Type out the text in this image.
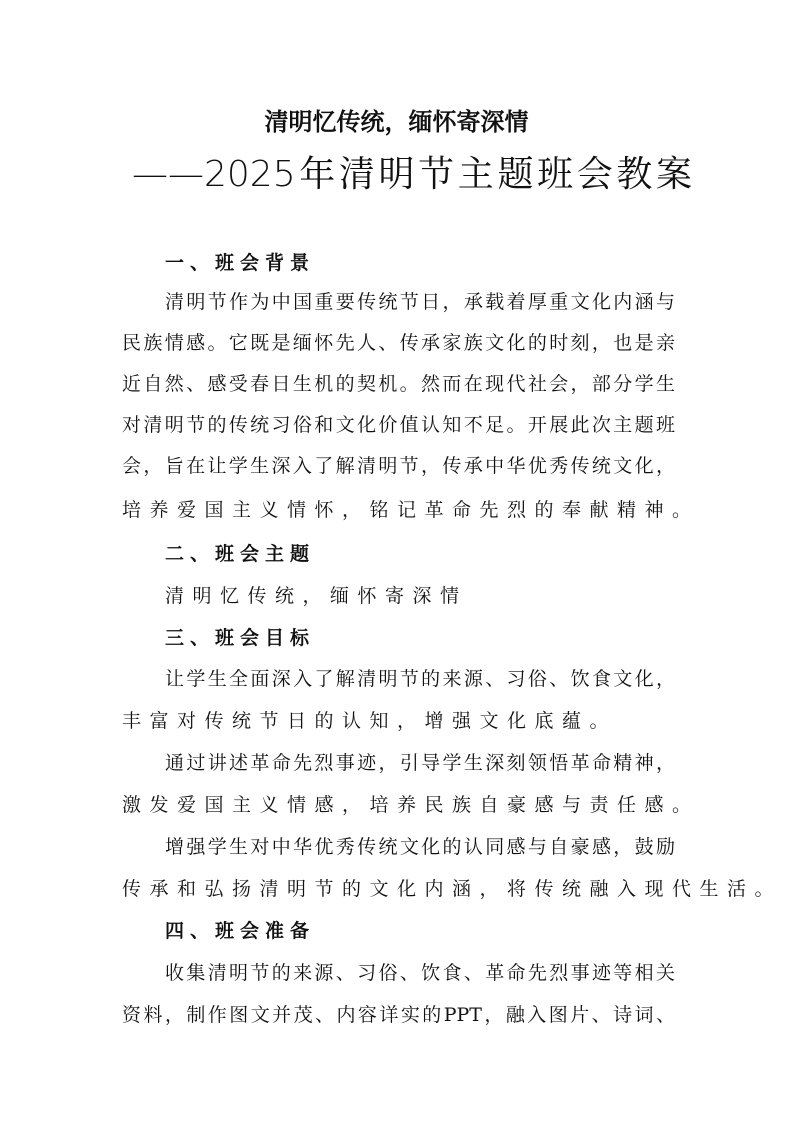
清明忆传统，缅怀寄深情
——2025年清明节主题班会教案
一、班会背景
清明节作为中国重要传统节日，承载着厚重文化内涵与
民族情感。它既是缅怀先人、传承家族文化的时刻，也是亲
近自然、感受春日生机的契机。然而在现代社会，部分学生
对清明节的传统习俗和文化价值认知不足。开展此次主题班
会，旨在让学生深入了解清明节，传承中华优秀传统文化，
培养爱国主义情怀，铭记革命先烈的奉献精神。
二、班会主题
清明忆传统，缅怀寄深情
三、班会目标
让学生全面深入了解清明节的来源、习俗、饮食文化，
丰富对传统节日的认知，增强文化底蕴。
通过讲述革命先烈事迹，引导学生深刻领悟革命精神，
激发爱国主义情感，培养民族自豪感与责任感。
增强学生对中华优秀传统文化的认同感与自豪感，鼓励
传承和弘扬清明节的文化内涵，将传统融入现代生活。
四、班会准备
收集清明节的来源、习俗、饮食、革命先烈事迹等相关
资料，制作图文并茂、内容详实的PPT，融入图片、诗词、
